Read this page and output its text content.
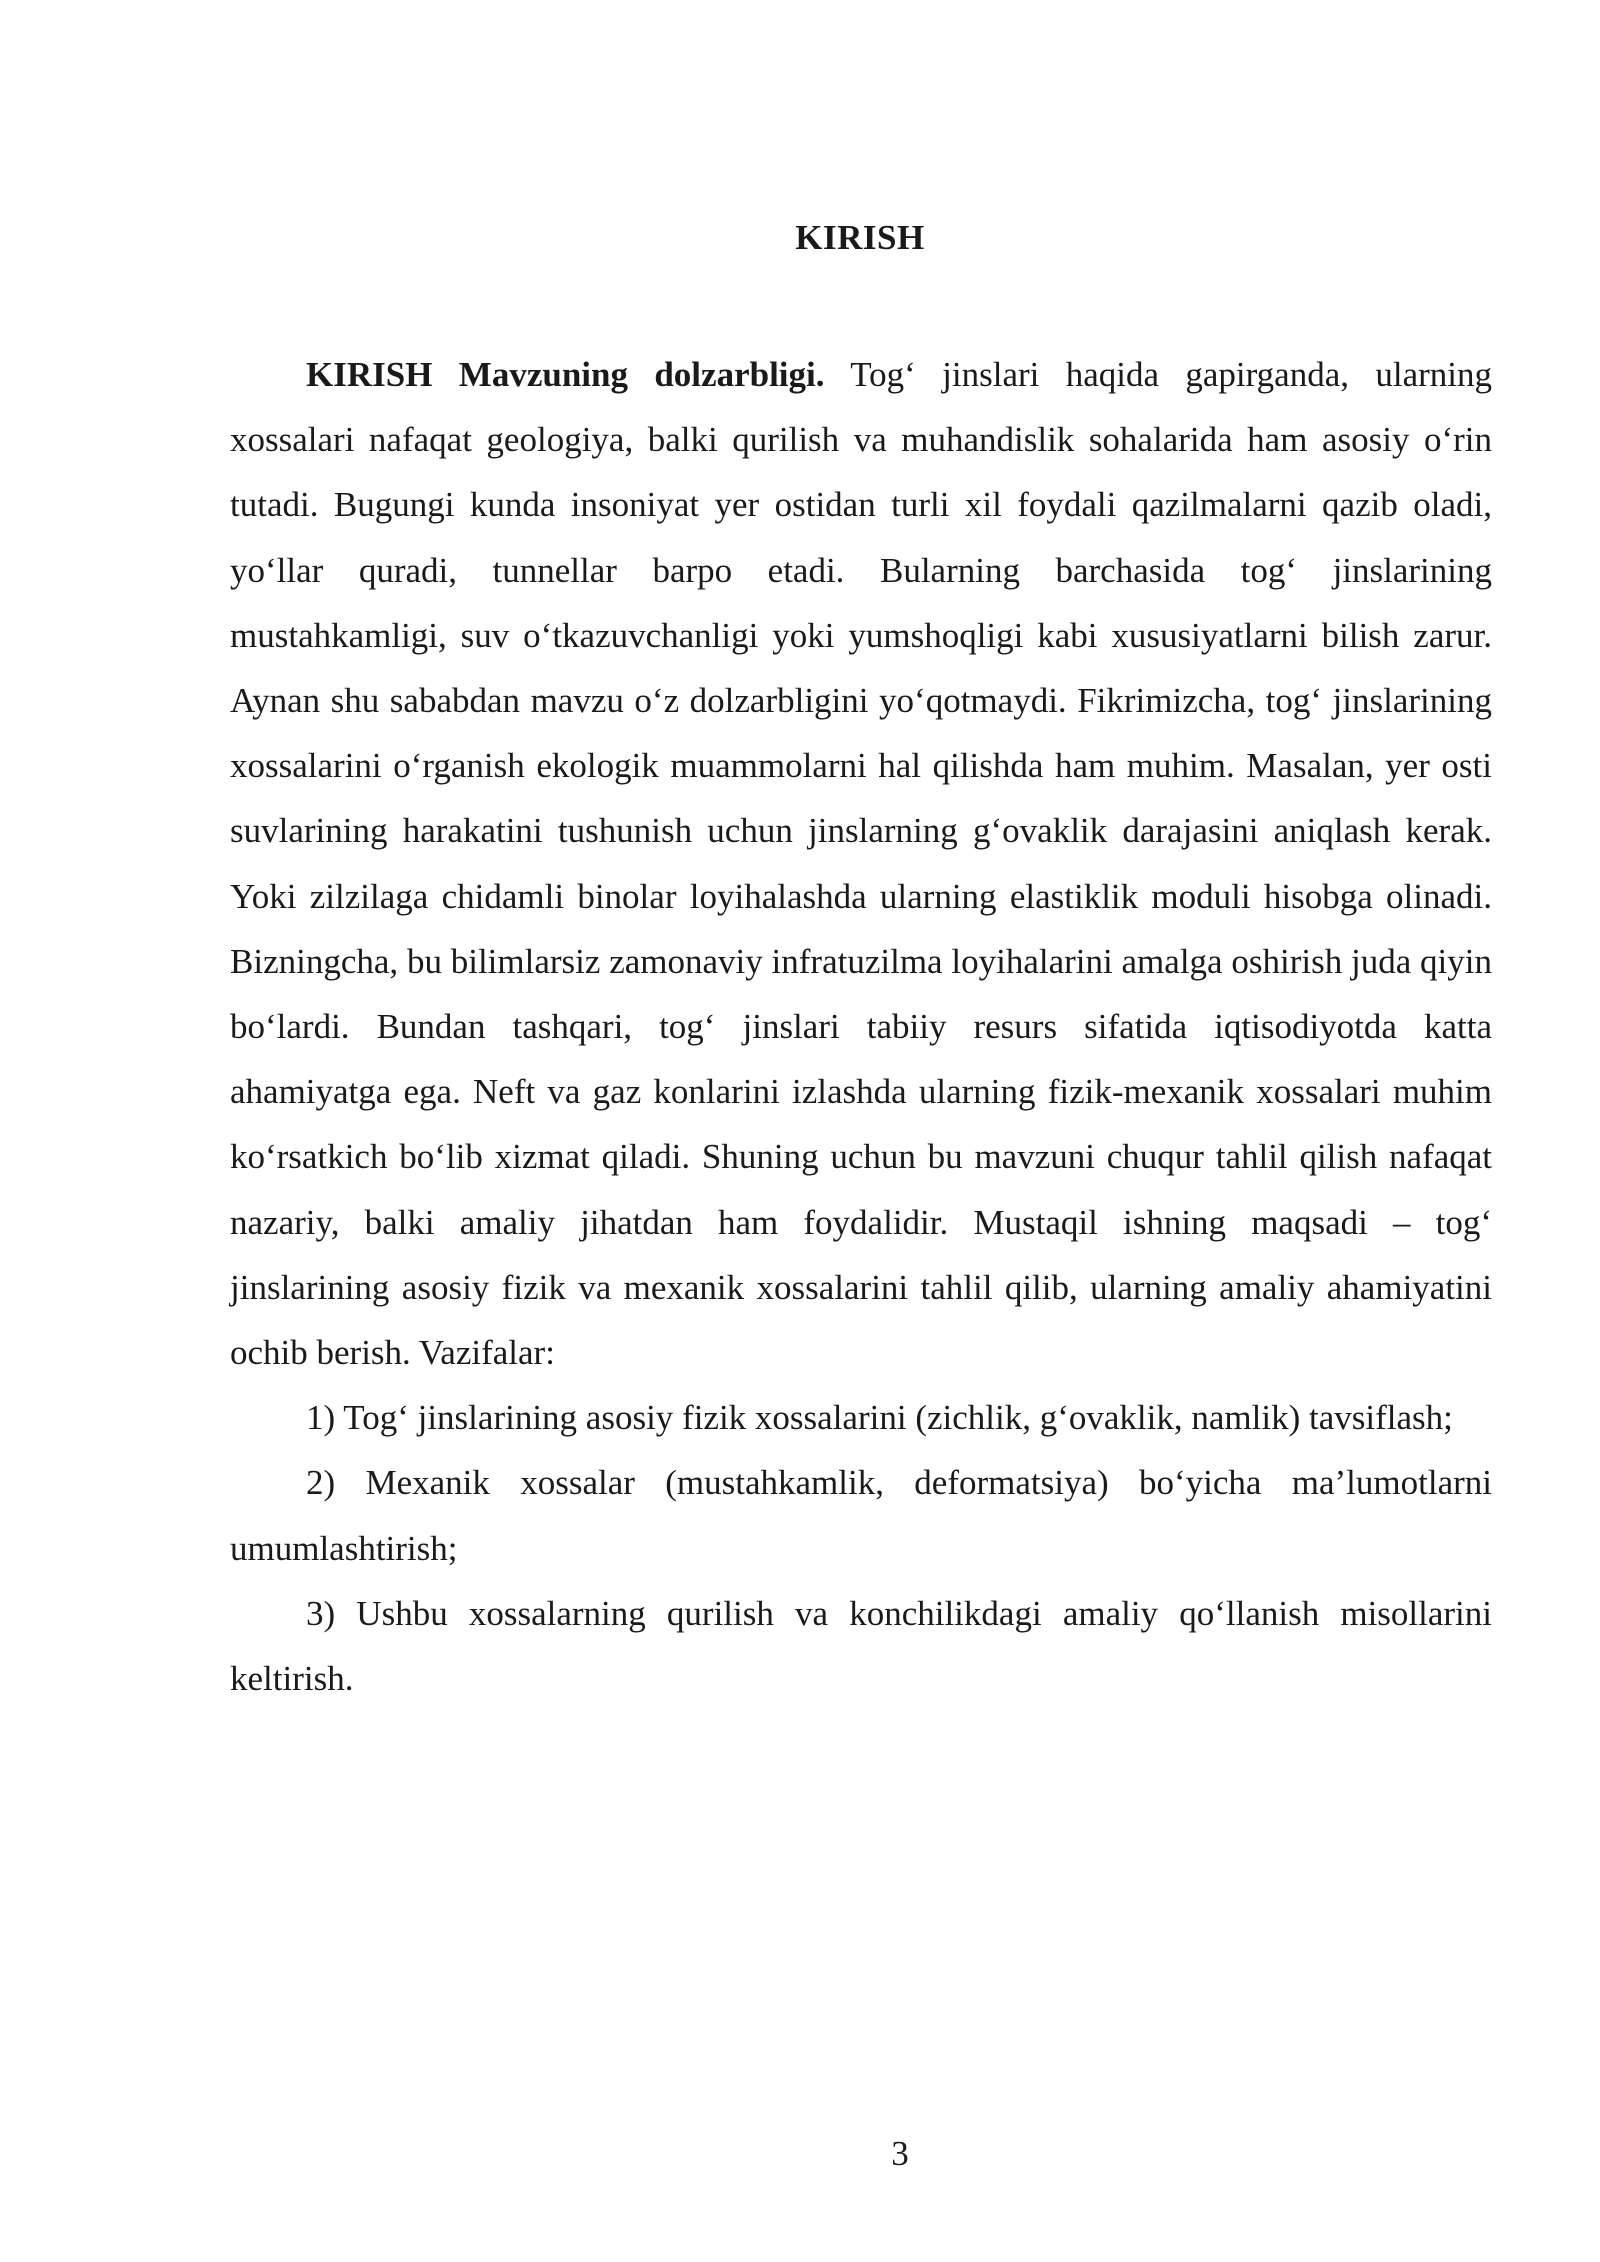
KIRISH

KIRISH Mavzuning dolzarbligi. Tog‘ jinslari haqida gapirganda, ularning xossalari nafaqat geologiya, balki qurilish va muhandislik sohalarida ham asosiy o‘rin tutadi. Bugungi kunda insoniyat yer ostidan turli xil foydali qazilmalarni qazib oladi, yo‘llar quradi, tunnellar barpo etadi. Bularning barchasida tog‘ jinslarining mustahkamligi, suv o‘tkazuvchanligi yoki yumshoqligi kabi xususiyatlarni bilish zarur. Aynan shu sababdan mavzu o‘z dolzarbligini yo‘qotmaydi. Fikrimizcha, tog‘ jinslarining xossalarini o‘rganish ekologik muammolarni hal qilishda ham muhim. Masalan, yer osti suvlarining harakatini tushunish uchun jinslarning g‘ovaklik darajasini aniqlash kerak. Yoki zilzilaga chidamli binolar loyihalashda ularning elastiklik moduli hisobga olinadi. Bizningcha, bu bilimlarsiz zamonaviy infratuzilma loyihalarini amalga oshirish juda qiyin bo‘lardi. Bundan tashqari, tog‘ jinslari tabiiy resurs sifatida iqtisodiyotda katta ahamiyatga ega. Neft va gaz konlarini izlashda ularning fizik-mexanik xossalari muhim ko‘rsatkich bo‘lib xizmat qiladi. Shuning uchun bu mavzuni chuqur tahlil qilish nafaqat nazariy, balki amaliy jihatdan ham foydalidir. Mustaqil ishning maqsadi – tog‘ jinslarining asosiy fizik va mexanik xossalarini tahlil qilib, ularning amaliy ahamiyatini ochib berish. Vazifalar:

1) Tog‘ jinslarining asosiy fizik xossalarini (zichlik, g‘ovaklik, namlik) tavsiflash;

2) Mexanik xossalar (mustahkamlik, deformatsiya) bo‘yicha ma’lumotlarni umumlashtirish;

3) Ushbu xossalarning qurilish va konchilikdagi amaliy qo‘llanish misollarini keltirish.

3
